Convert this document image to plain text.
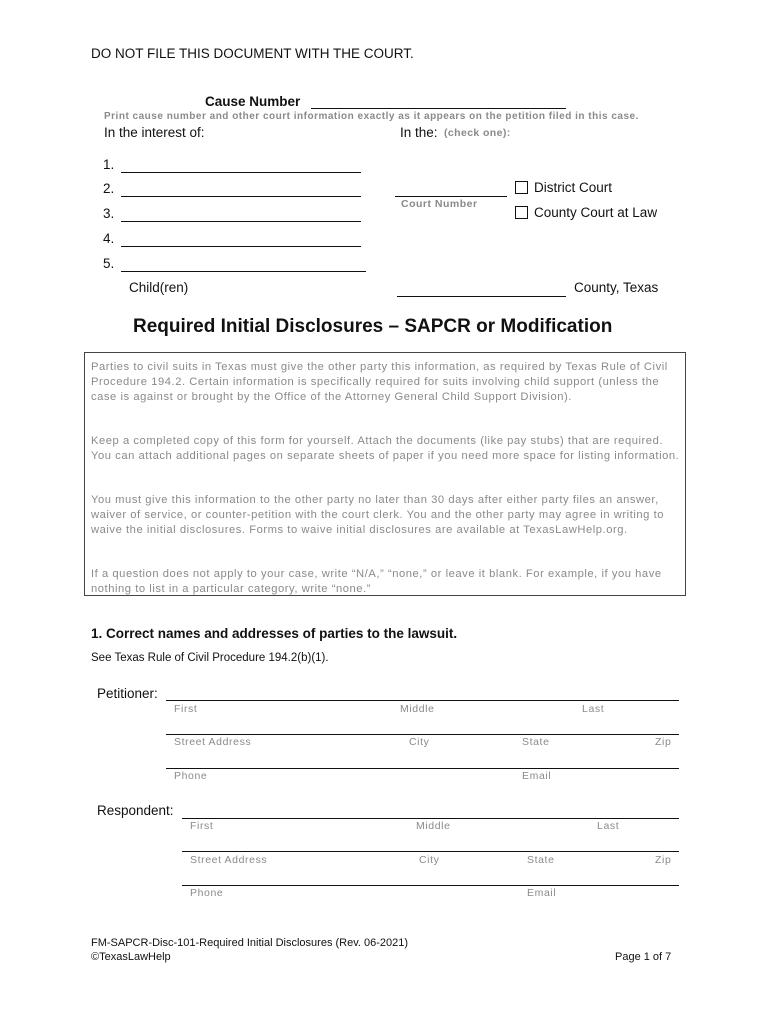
DO NOT FILE THIS DOCUMENT WITH THE COURT.
Cause Number
Print cause number and other court information exactly as it appears on the petition filed in this case.
In the interest of:	In the: (check one):
1.
2.
3.
4.
5.
Child(ren)
Court Number
District Court
County Court at Law
County, Texas
Required Initial Disclosures – SAPCR or Modification
Parties to civil suits in Texas must give the other party this information, as required by Texas Rule of Civil Procedure 194.2. Certain information is specifically required for suits involving child support (unless the case is against or brought by the Office of the Attorney General Child Support Division).
Keep a completed copy of this form for yourself. Attach the documents (like pay stubs) that are required. You can attach additional pages on separate sheets of paper if you need more space for listing information.
You must give this information to the other party no later than 30 days after either party files an answer, waiver of service, or counter-petition with the court clerk. You and the other party may agree in writing to waive the initial disclosures. Forms to waive initial disclosures are available at TexasLawHelp.org.
If a question does not apply to your case, write “N/A,” “none,” or leave it blank. For example, if you have nothing to list in a particular category, write “none.”
1. Correct names and addresses of parties to the lawsuit.
See Texas Rule of Civil Procedure 194.2(b)(1).
Petitioner:
First	Middle	Last
Street Address	City	State	Zip
Phone	Email
Respondent:
First	Middle	Last
Street Address	City	State	Zip
Phone	Email
FM-SAPCR-Disc-101-Required Initial Disclosures (Rev. 06-2021)
©TexasLawHelp	Page 1 of 7
